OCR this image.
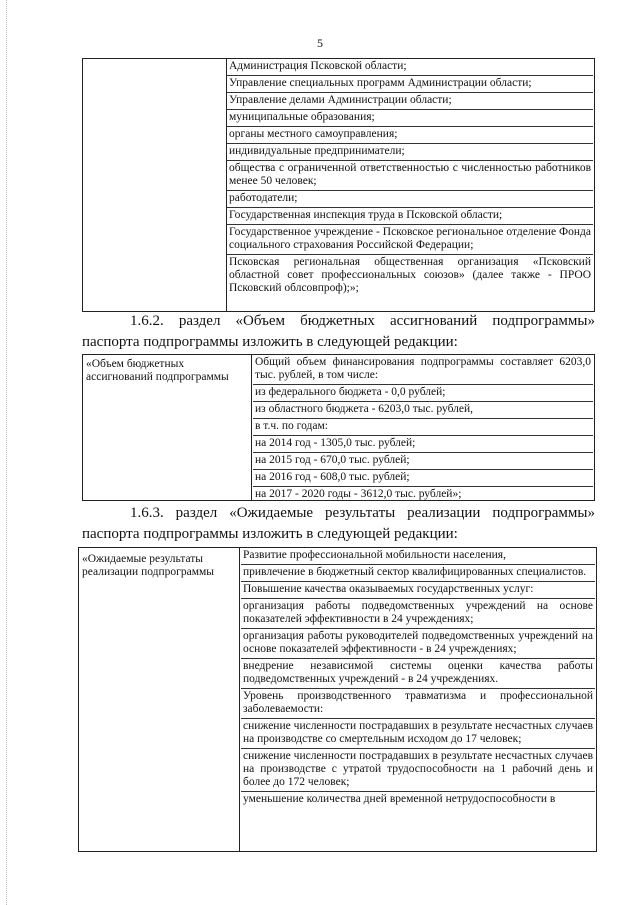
5
Администрация Псковской области;
Управление специальных программ Администрации области;
Управление делами Администрации области;
муниципальные образования;
органы местного самоуправления;
индивидуальные предприниматели;
общества с ограниченной ответственностью с численностью работников менее 50 человек;
работодатели;
Государственная инспекция труда в Псковской области;
Государственное учреждение - Псковское региональное отделение Фонда социального страхования Российской Федерации;
Псковская региональная общественная организация «Псковский областной совет профессиональных союзов» (далее также - ПРОО Псковский облсовпроф);»;
1.6.2. раздел «Объем бюджетных ассигнований подпрограммы»
паспорта подпрограммы изложить в следующей редакции:
«Объем бюджетных ассигнований подпрограммы
Общий объем финансирования подпрограммы составляет 6203,0 тыс. рублей, в том числе:
из федерального бюджета - 0,0 рублей;
из областного бюджета - 6203,0 тыс. рублей,
в т.ч. по годам:
на 2014 год - 1305,0 тыс. рублей;
на 2015 год - 670,0 тыс. рублей;
на 2016 год - 608,0 тыс. рублей;
на 2017 - 2020 годы - 3612,0 тыс. рублей»;
1.6.3. раздел «Ожидаемые результаты реализации подпрограммы»
паспорта подпрограммы изложить в следующей редакции:
«Ожидаемые результаты реализации подпрограммы
Развитие профессиональной мобильности населения,
привлечение в бюджетный сектор квалифицированных специалистов.
Повышение качества оказываемых государственных услуг:
организация работы подведомственных учреждений на основе показателей эффективности в 24 учреждениях;
организация работы руководителей подведомственных учреждений на основе показателей эффективности - в 24 учреждениях;
внедрение независимой системы оценки качества работы подведомственных учреждений - в 24 учреждениях.
Уровень производственного травматизма и профессиональной заболеваемости:
снижение численности пострадавших в результате несчастных случаев на производстве со смертельным исходом до 17 человек;
снижение численности пострадавших в результате несчастных случаев на производстве с утратой трудоспособности на 1 рабочий день и более до 172 человек;
уменьшение количества дней временной нетрудоспособности в
